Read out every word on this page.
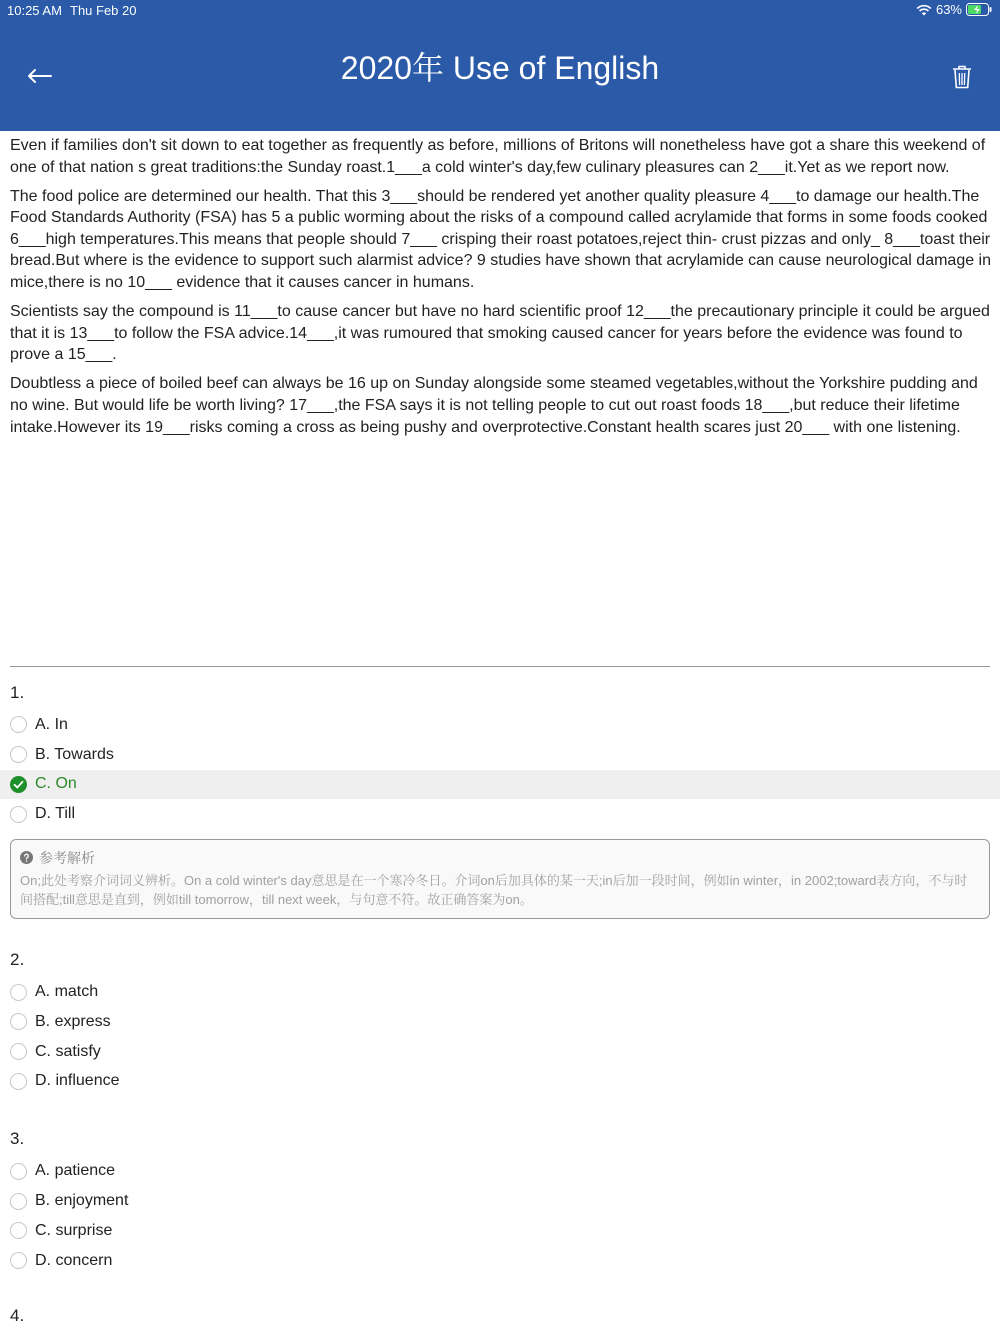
10:25 AM Thu Feb 20	63%
2020年 Use of English

Even if families don't sit down to eat together as frequently as before, millions of Britons will nonetheless have got a share this weekend of one of that nation s great traditions:the Sunday roast.1___a cold winter's day,few culinary pleasures can 2___it.Yet as we report now.

The food police are determined our health. That this 3___should be rendered yet another quality pleasure 4___to damage our health.The Food Standards Authority (FSA) has 5 a public worming about the risks of a compound called acrylamide that forms in some foods cooked 6___high temperatures.This means that people should 7___ crisping their roast potatoes,reject thin- crust pizzas and only_ 8___toast their bread.But where is the evidence to support such alarmist advice? 9 studies have shown that acrylamide can cause neurological damage in mice,there is no 10___ evidence that it causes cancer in humans.

Scientists say the compound is 11___to cause cancer but have no hard scientific proof 12___the precautionary principle it could be argued that it is 13___to follow the FSA advice.14___,it was rumoured that smoking caused cancer for years before the evidence was found to prove a 15___.

Doubtless a piece of boiled beef can always be 16 up on Sunday alongside some steamed vegetables,without the Yorkshire pudding and no wine. But would life be worth living? 17___,the FSA says it is not telling people to cut out roast foods 18___,but reduce their lifetime intake.However its 19___risks coming a cross as being pushy and overprotective.Constant health scares just 20___ with one listening.

1.
A. In
B. Towards
C. On
D. Till
参考解析
On;此处考察介词词义辨析。On a cold winter's day意思是在一个寒冷冬日。介词on后加具体的某一天;in后加一段时间，例如in winter，in 2002;toward表方向，不与时间搭配;till意思是直到，例如till tomorrow，till next week，与句意不符。故正确答案为on。
2.
A. match
B. express
C. satisfy
D. influence
3.
A. patience
B. enjoyment
C. surprise
D. concern
4.
